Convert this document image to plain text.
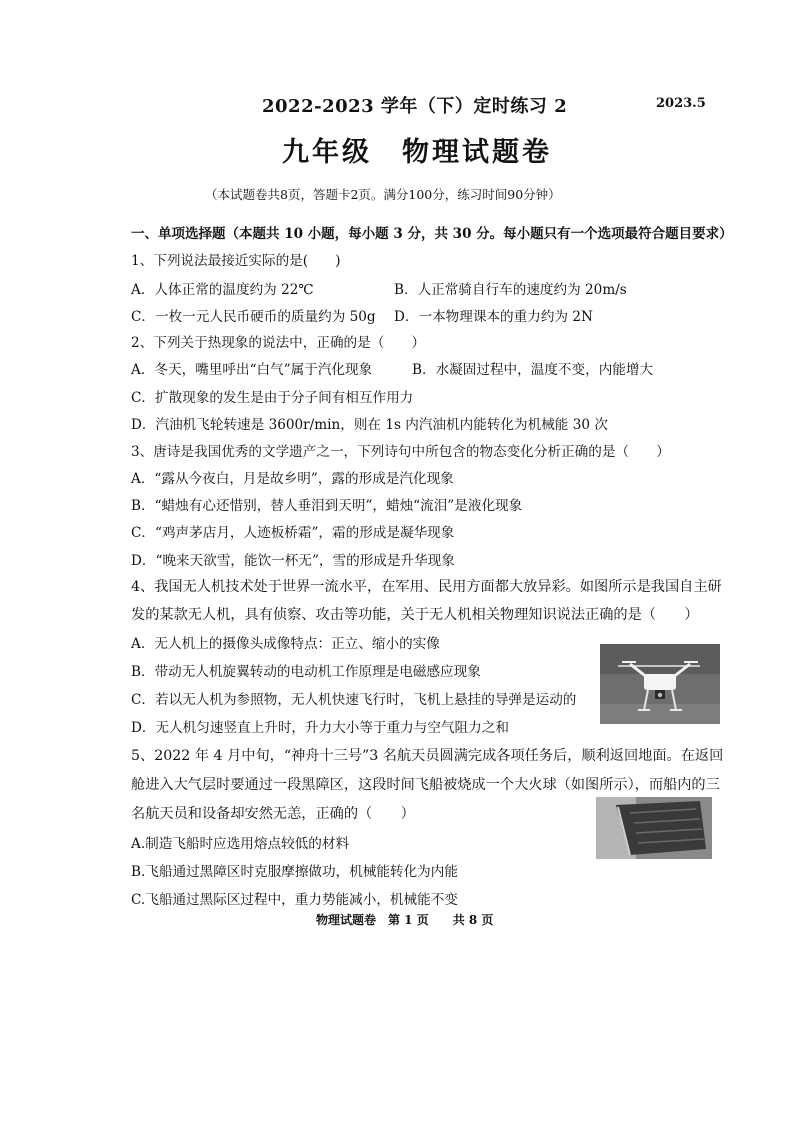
2022-2023 学年（下）定时练习 2	2023.5
九年级　物理试题卷
（本试题卷共8页，答题卡2页。满分100分，练习时间90分钟）
一、单项选择题（本题共 10 小题，每小题 3 分，共 30 分。每小题只有一个选项最符合题目要求）
1、下列说法最接近实际的是(　　)
A．人体正常的温度约为 22℃	B．人正常骑自行车的速度约为 20m/s
C．一枚一元人民币硬币的质量约为 50g D．一本物理课本的重力约为 2N
2、下列关于热现象的说法中，正确的是（　　）
A．冬天，嘴里呼出“白气”属于汽化现象	B．水凝固过程中，温度不变，内能增大
C．扩散现象的发生是由于分子间有相互作用力
D．汽油机飞轮转速是 3600r/min，则在 1s 内汽油机内能转化为机械能 30 次
3、唐诗是我国优秀的文学遗产之一，下列诗句中所包含的物态变化分析正确的是（　　）
A．“露从今夜白，月是故乡明”，露的形成是汽化现象
B．“蜡烛有心还惜别，替人垂泪到天明”，蜡烛“流泪”是液化现象
C．“鸡声茅店月，人迹板桥霜”，霜的形成是凝华现象
D．“晚来天欲雪，能饮一杯无”，雪的形成是升华现象
4、我国无人机技术处于世界一流水平，在军用、民用方面都大放异彩。如图所示是我国自主研
发的某款无人机，具有侦察、攻击等功能，关于无人机相关物理知识说法正确的是（　　）
A．无人机上的摄像头成像特点：正立、缩小的实像
B．带动无人机旋翼转动的电动机工作原理是电磁感应现象
C．若以无人机为参照物，无人机快速飞行时，飞机上悬挂的导弹是运动的
D．无人机匀速竖直上升时，升力大小等于重力与空气阻力之和
5、2022 年 4 月中旬，“神舟十三号”3 名航天员圆满完成各项任务后，顺利返回地面。在返回
舱进入大气层时要通过一段黑障区，这段时间飞船被烧成一个大火球（如图所示），而船内的三
名航天员和设备却安然无恙，正确的（　　）
A.制造飞船时应选用熔点较低的材料
B.飞船通过黑障区时克服摩擦做功，机械能转化为内能
C.飞船通过黑际区过程中，重力势能减小，机械能不变
物理试题卷　第 1 页　　共 8 页
